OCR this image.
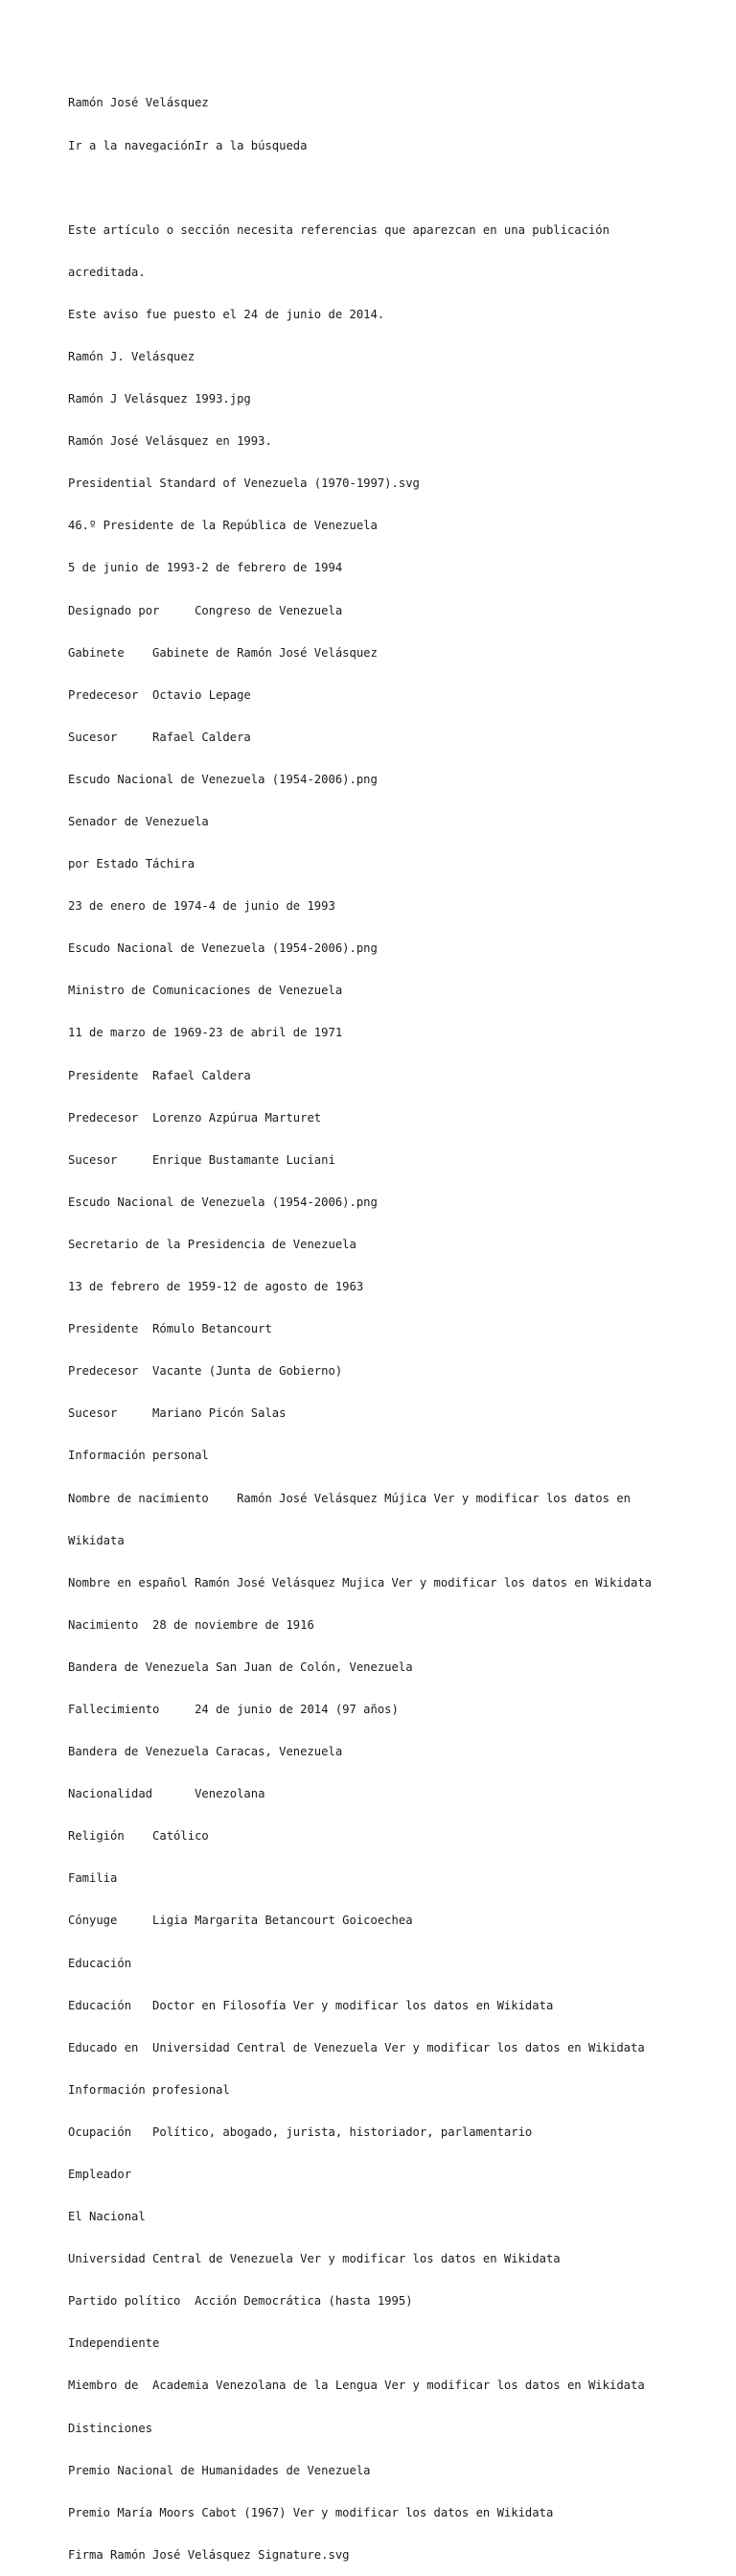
Ramón José Velásquez

Ir a la navegaciónIr a la búsqueda

Este artículo o sección necesita referencias que aparezcan en una publicación

acreditada.

Este aviso fue puesto el 24 de junio de 2014.

Ramón J. Velásquez

Ramón J Velásquez 1993.jpg

Ramón José Velásquez en 1993.

Presidential Standard of Venezuela (1970-1997).svg

46.º Presidente de la República de Venezuela

5 de junio de 1993-2 de febrero de 1994

Designado por     Congreso de Venezuela

Gabinete    Gabinete de Ramón José Velásquez

Predecesor  Octavio Lepage

Sucesor     Rafael Caldera

Escudo Nacional de Venezuela (1954-2006).png

Senador de Venezuela

por Estado Táchira

23 de enero de 1974-4 de junio de 1993

Escudo Nacional de Venezuela (1954-2006).png

Ministro de Comunicaciones de Venezuela

11 de marzo de 1969-23 de abril de 1971

Presidente  Rafael Caldera

Predecesor  Lorenzo Azpúrua Marturet

Sucesor     Enrique Bustamante Luciani

Escudo Nacional de Venezuela (1954-2006).png

Secretario de la Presidencia de Venezuela

13 de febrero de 1959-12 de agosto de 1963

Presidente  Rómulo Betancourt

Predecesor  Vacante (Junta de Gobierno)

Sucesor     Mariano Picón Salas

Información personal

Nombre de nacimiento    Ramón José Velásquez Mújica Ver y modificar los datos en

Wikidata

Nombre en español Ramón José Velásquez Mujica Ver y modificar los datos en Wikidata

Nacimiento  28 de noviembre de 1916

Bandera de Venezuela San Juan de Colón, Venezuela

Fallecimiento     24 de junio de 2014 (97 años)

Bandera de Venezuela Caracas, Venezuela

Nacionalidad      Venezolana

Religión    Católico

Familia

Cónyuge     Ligia Margarita Betancourt Goicoechea

Educación

Educación   Doctor en Filosofía Ver y modificar los datos en Wikidata

Educado en  Universidad Central de Venezuela Ver y modificar los datos en Wikidata

Información profesional

Ocupación   Político, abogado, jurista, historiador, parlamentario

Empleador

El Nacional

Universidad Central de Venezuela Ver y modificar los datos en Wikidata

Partido político  Acción Democrática (hasta 1995)

Independiente

Miembro de  Academia Venezolana de la Lengua Ver y modificar los datos en Wikidata

Distinciones

Premio Nacional de Humanidades de Venezuela

Premio María Moors Cabot (1967) Ver y modificar los datos en Wikidata

Firma Ramón José Velásquez Signature.svg
